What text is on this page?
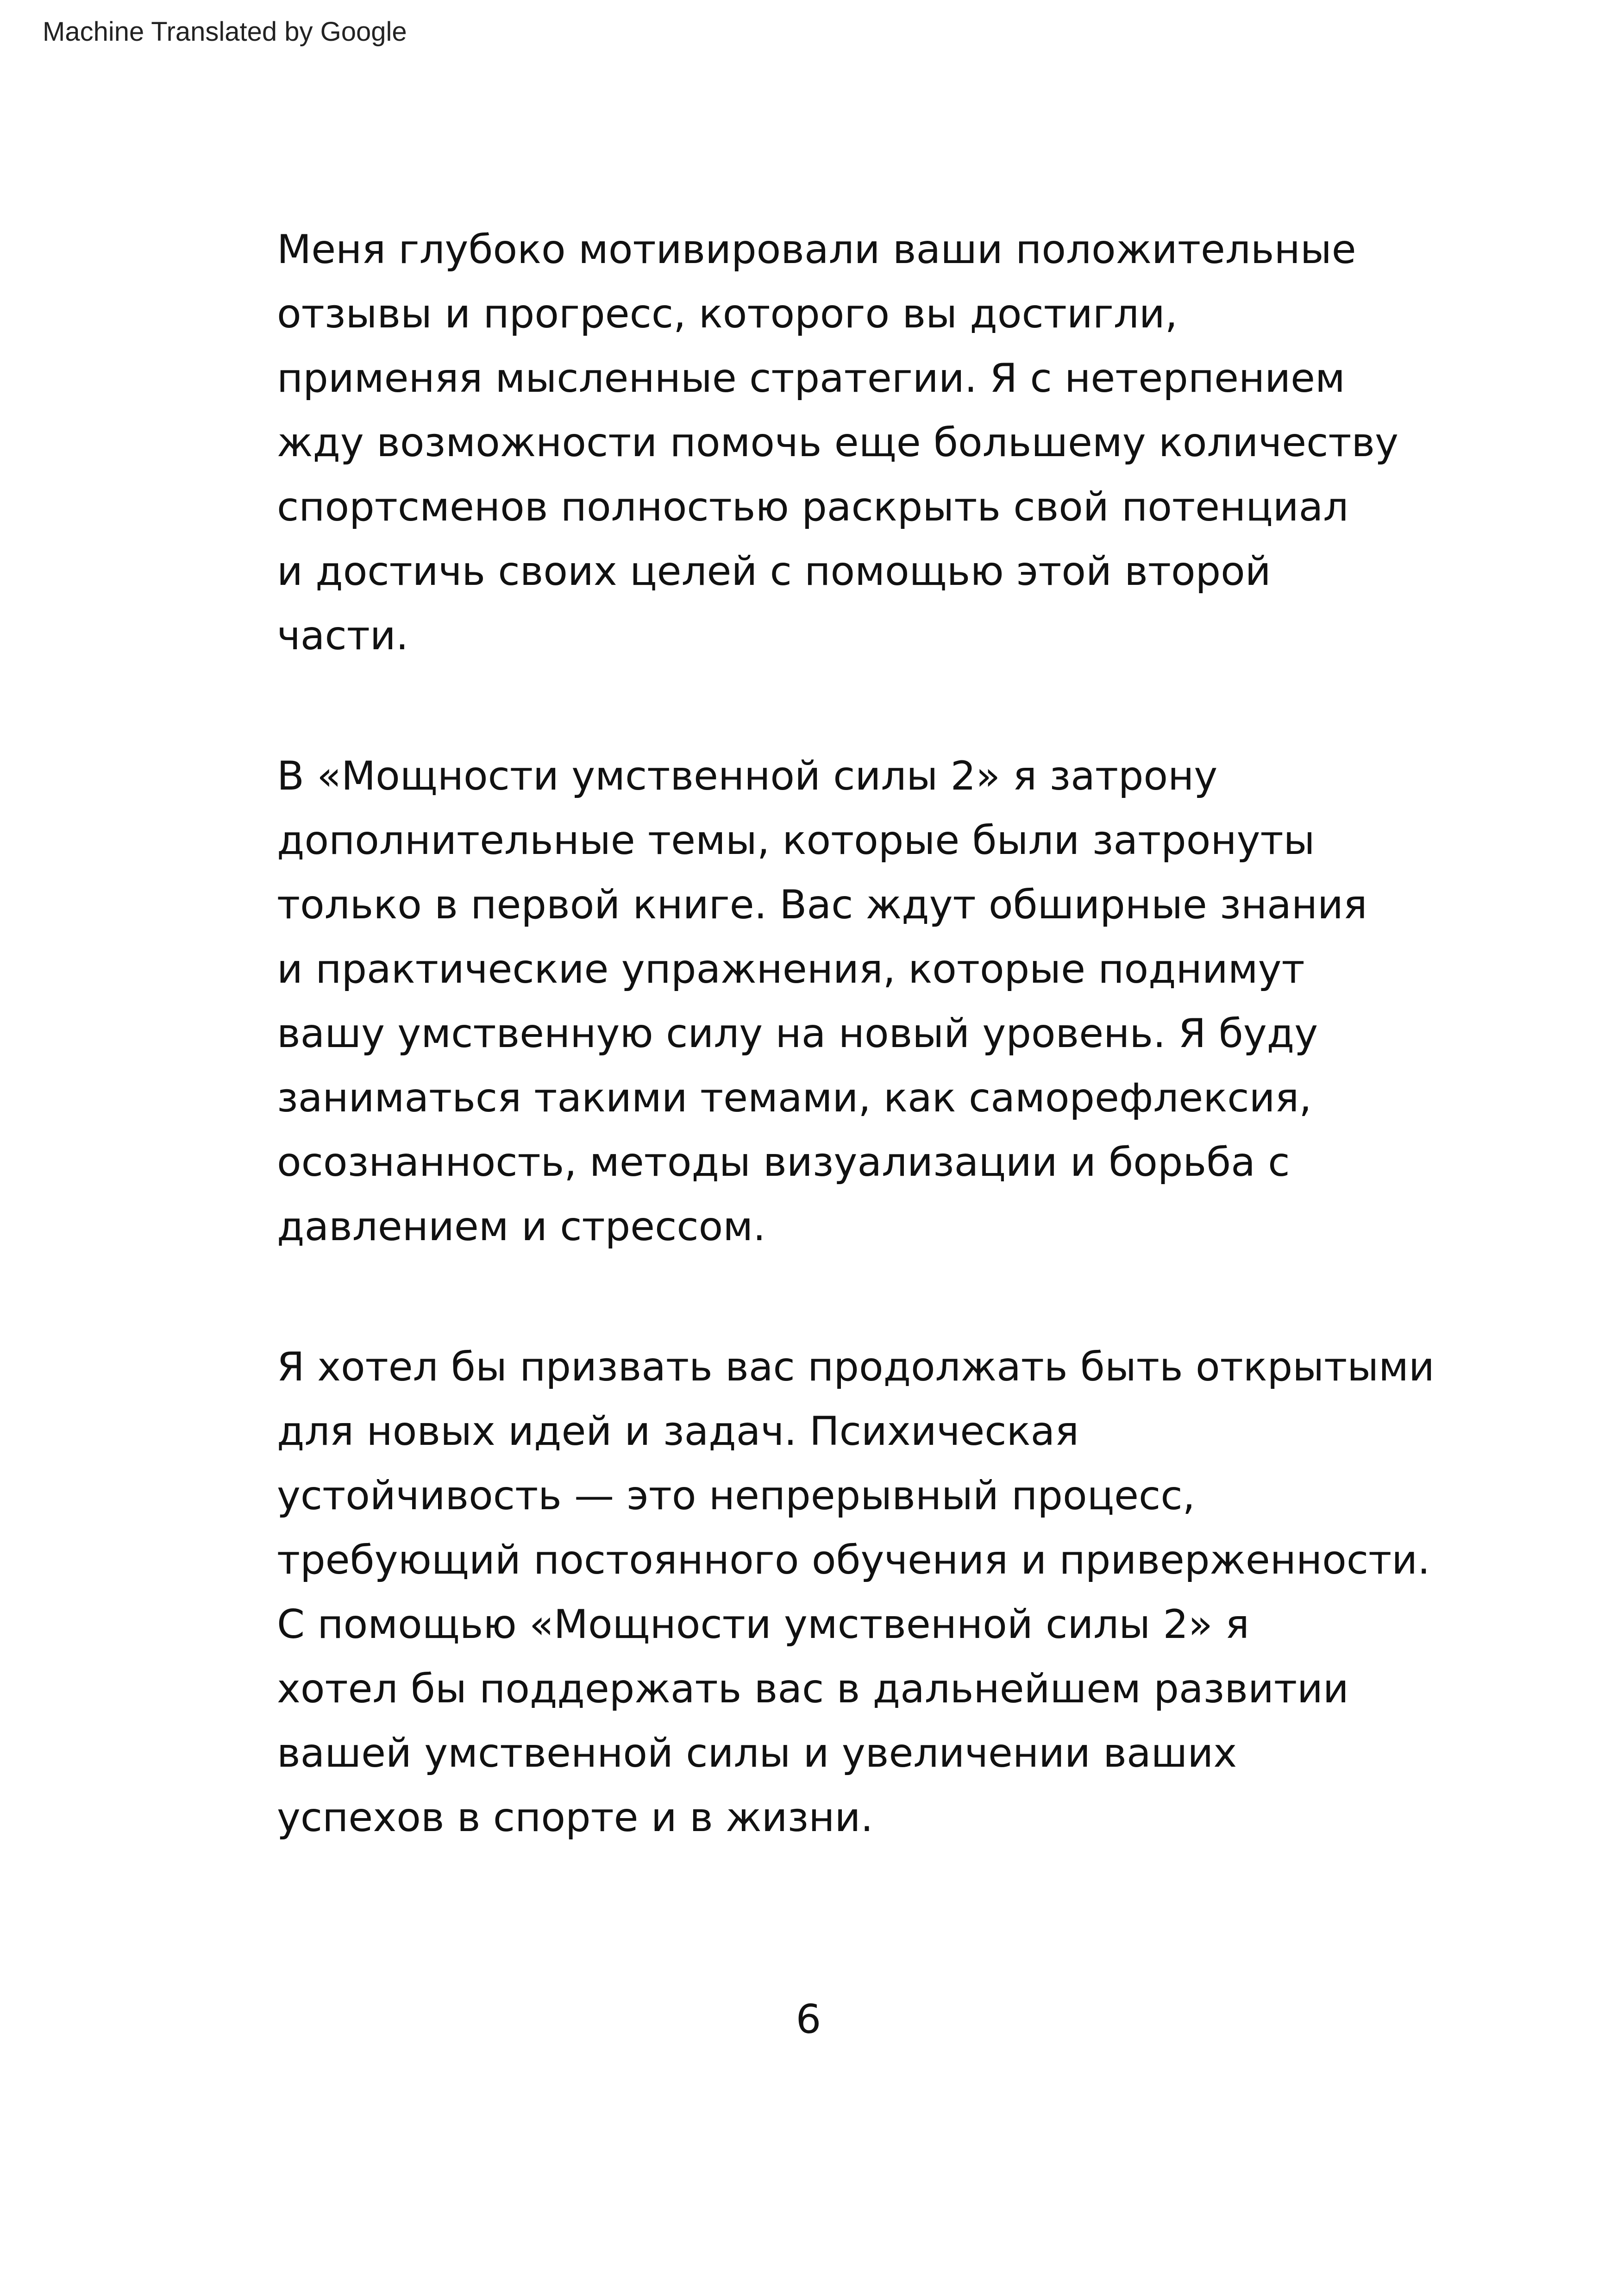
Machine Translated by Google
Меня глубоко мотивировали ваши положительные
отзывы и прогресс, которого вы достигли,
применяя мысленные стратегии. Я с нетерпением
жду возможности помочь еще большему количеству
спортсменов полностью раскрыть свой потенциал
и достичь своих целей с помощью этой второй
части.
В «Мощности умственной силы 2» я затрону
дополнительные темы, которые были затронуты
только в первой книге. Вас ждут обширные знания
и практические упражнения, которые поднимут
вашу умственную силу на новый уровень. Я буду
заниматься такими темами, как саморефлексия,
осознанность, методы визуализации и борьба с
давлением и стрессом.
Я хотел бы призвать вас продолжать быть открытыми
для новых идей и задач. Психическая
устойчивость — это непрерывный процесс,
требующий постоянного обучения и приверженности.
С помощью «Мощности умственной силы 2» я
хотел бы поддержать вас в дальнейшем развитии
вашей умственной силы и увеличении ваших
успехов в спорте и в жизни.
6
